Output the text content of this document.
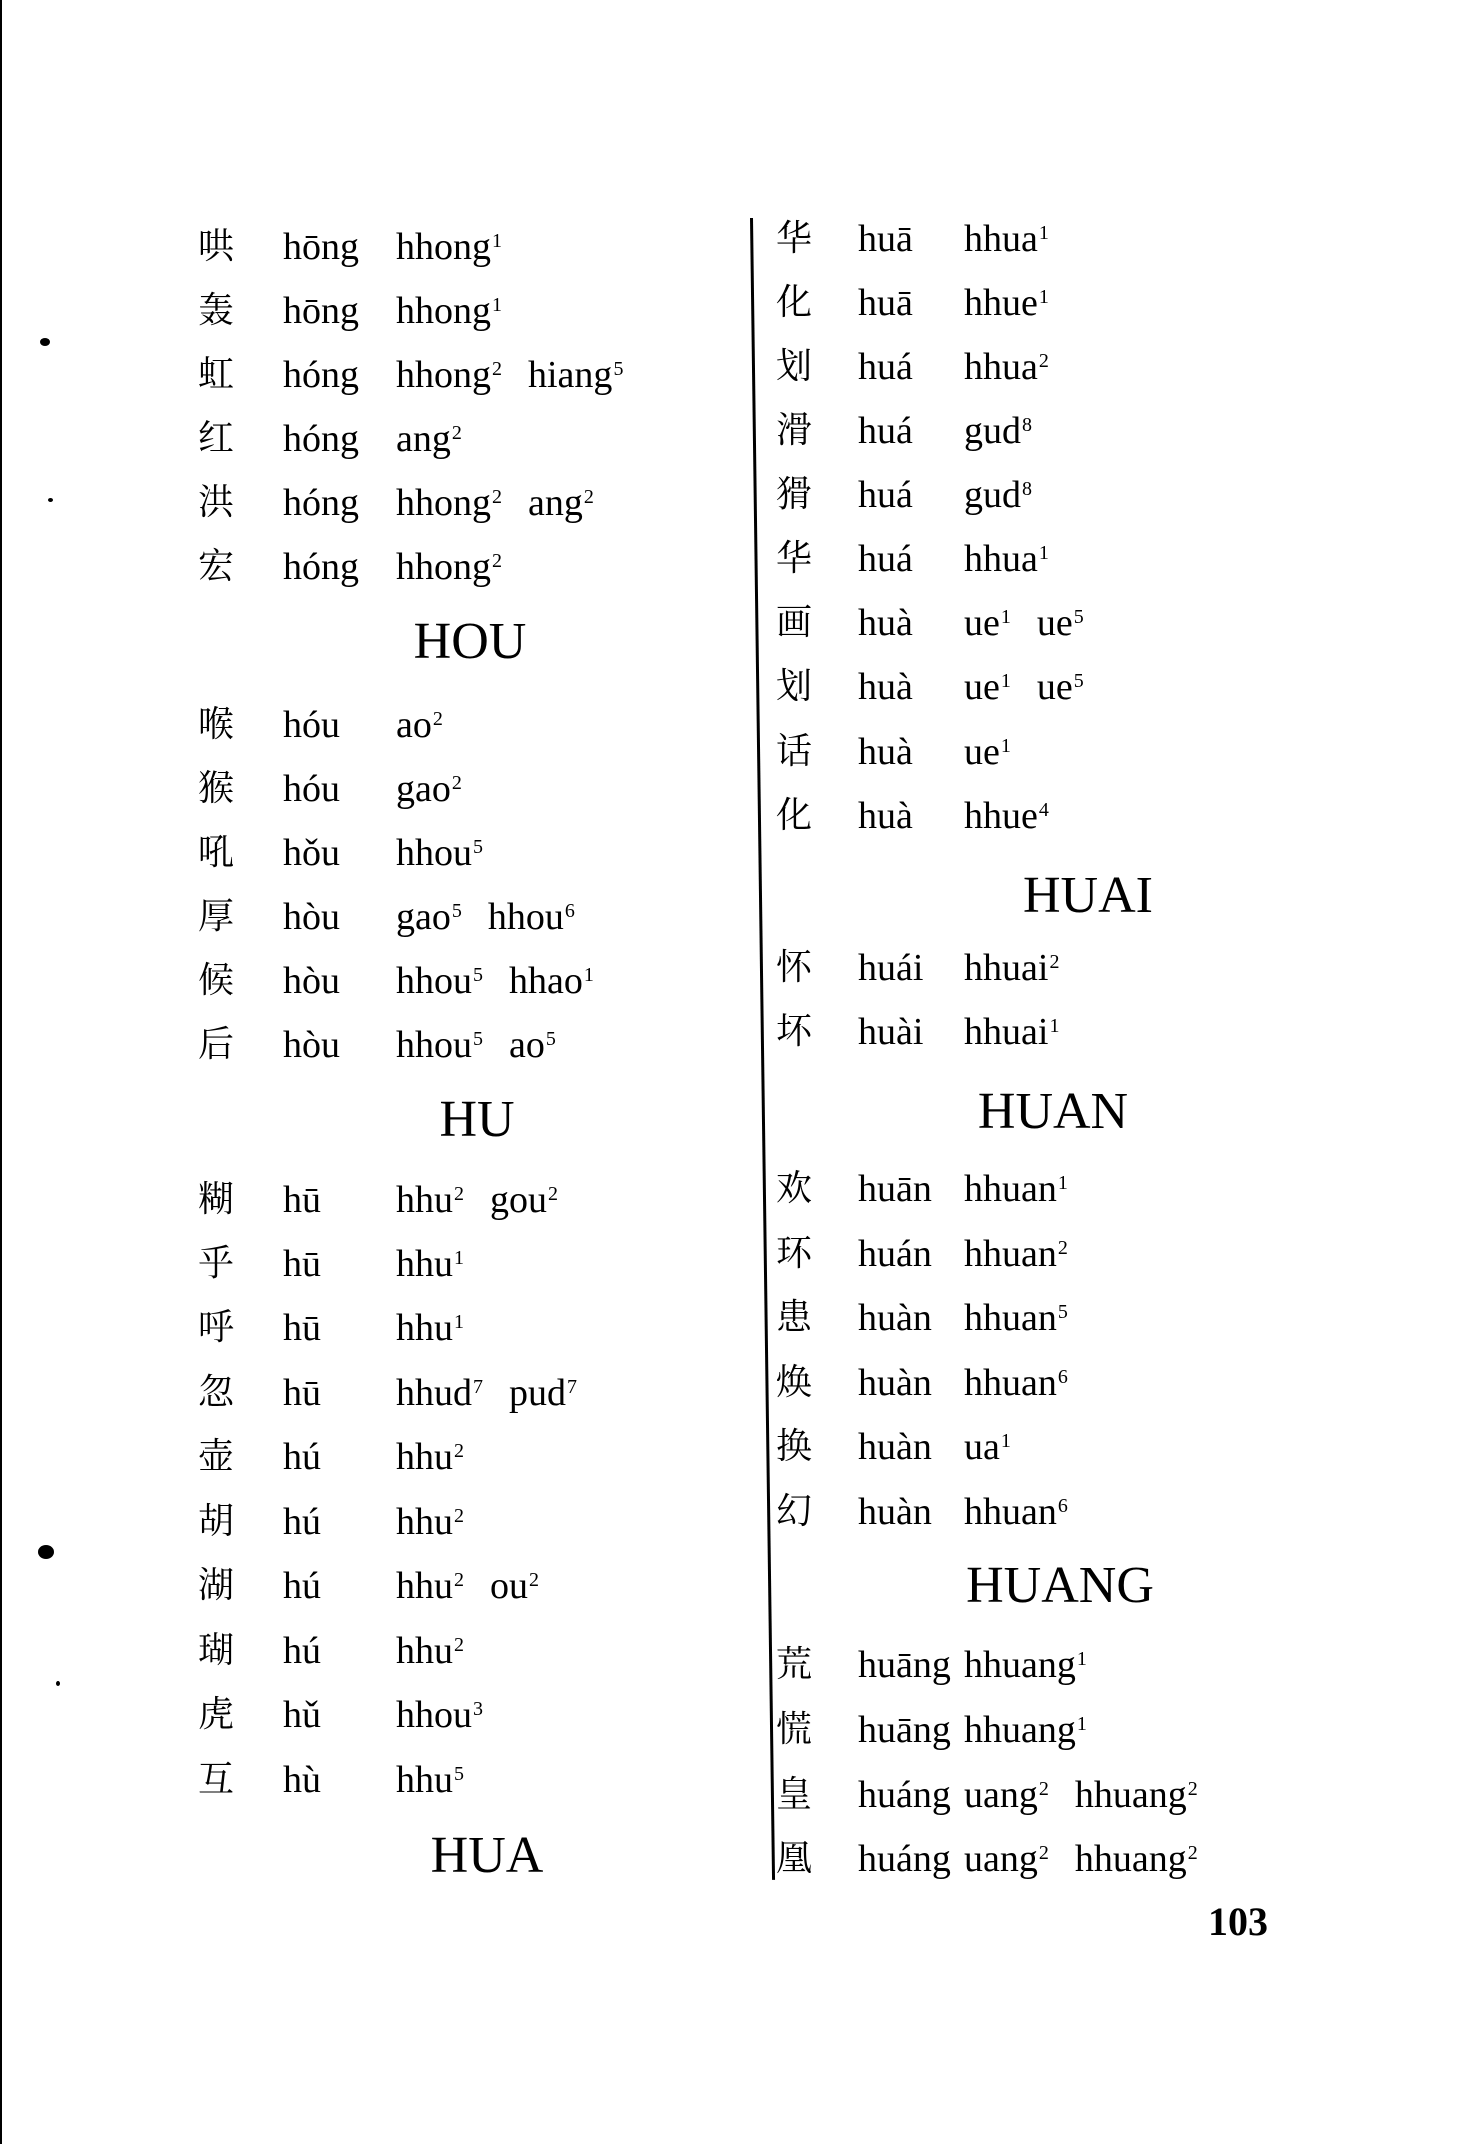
哄 hōng hhong$^1$
轰 hōng hhong$^1$
虹 hóng hhong$^2$ hiang$^5$
红 hóng ang$^2$
洪 hóng hhong$^2$ ang$^2$
宏 hóng hhong$^2$
HOU
喉 hóu $ao^2$
猴 hóu gao$^2$
吼 hǒu hhou$^5$
厚 hòu gao$^5$ hhou$^6$
候 hòu hhou$^5$ hhao$^1$
后 hòu hhou$^5$ $ao^5$
HU
糊 hū hhu$^2$ gou$^2$
乎 hū hhu$^1$
呼 hū hhu$^1$
忽 hū hhud$^7$ pud$^7$
壶 hú hhu$^2$
胡 hú hhu$^2$
湖 hú hhu$^2$ $ou^2$
瑚 hú hhu$^2$
虎 hǔ hhou$^3$
互 hù hhu$^5$
HUA
华 huā hhua$^1$
化 huā hhue$^1$
划 huá hhua$^2$
滑 huá gud$^8$
猾 huá gud$^8$
华 huá hhua$^1$
画 huà $ue^1$ $ue^5$
划 huà $ue^1$ $ue^5$
话 huà $ue^1$
化 huà hhue$^4$
HUAI
怀 huái hhuai$^2$
坏 huài hhuai$^1$
HUAN
欢 huān hhuan$^1$
环 huán hhuan$^2$
患 huàn hhuan$^5$
焕 huàn hhuan$^6$
换 huàn $ua^1$
幻 huàn hhuan$^6$
HUANG
荒 huāng hhuang$^1$
慌 huāng hhuang$^1$
皇 huáng uang$^2$ hhuang$^2$
凰 huáng uang$^2$ hhuang$^2$
103
